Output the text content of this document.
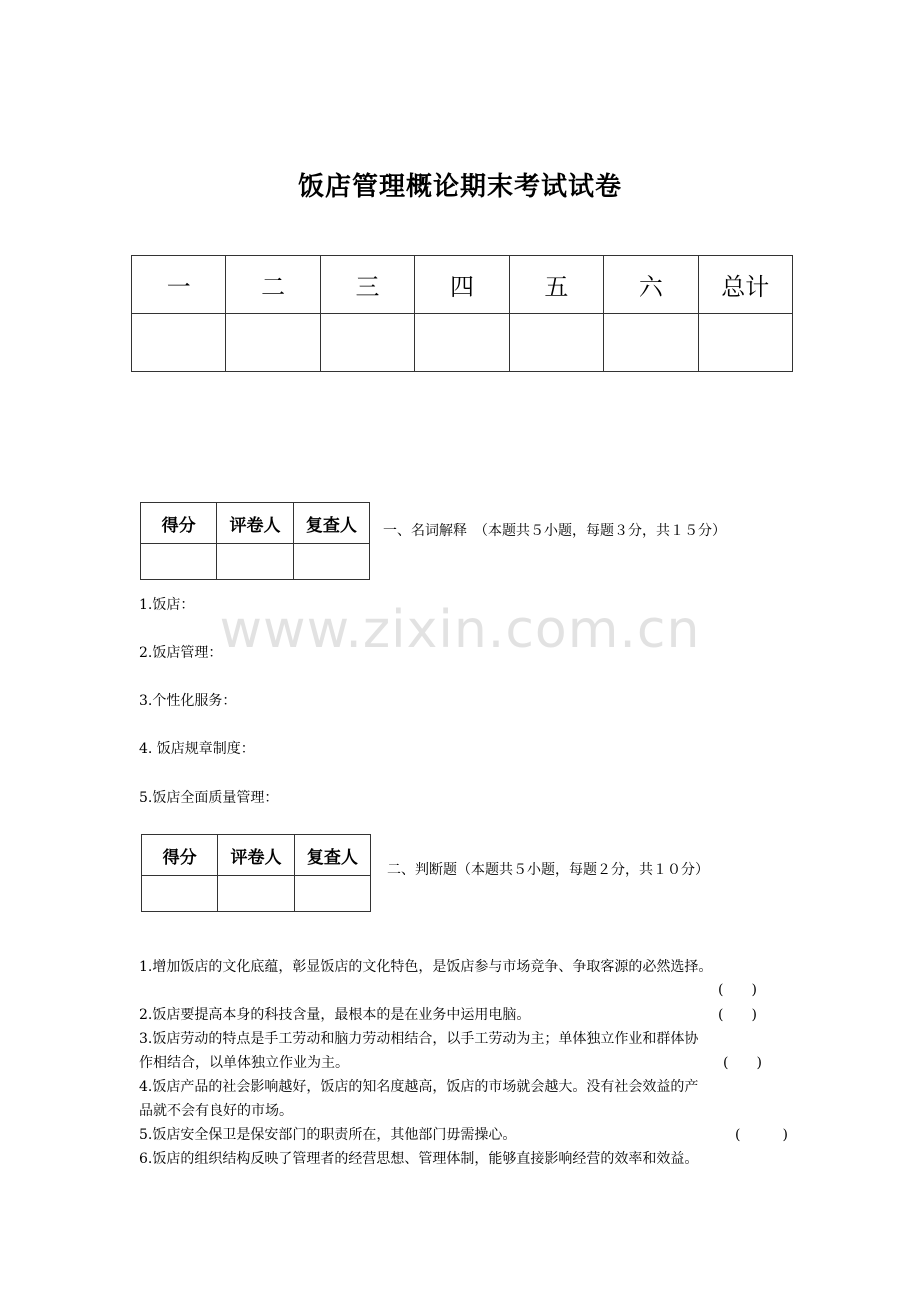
饭店管理概论期末考试试卷
一	二	三	四	五	六	总计

得分	评卷人	复查人
		一、名词解释　（本题共５小题，每题３分，共１５分）
1.饭店：
2.饭店管理：
3.个性化服务：
4. 饭店规章制度：
5.饭店全面质量管理：
得分	评卷人	复查人

二、判断题（本题共５小题，每题２分，共１０分）
1.增加饭店的文化底蕴，彰显饭店的文化特色，是饭店参与市场竞争、争取客源的必然选择。
(　　)
2.饭店要提高本身的科技含量，最根本的是在业务中运用电脑。	(　　)
3.饭店劳动的特点是手工劳动和脑力劳动相结合，以手工劳动为主；单体独立作业和群体协
作相结合，以单体独立作业为主。	(　　)
4.饭店产品的社会影响越好，饭店的知名度越高，饭店的市场就会越大。没有社会效益的产
品就不会有良好的市场。
5.饭店安全保卫是保安部门的职责所在，其他部门毋需操心。	(　　　)
6.饭店的组织结构反映了管理者的经营思想、管理体制，能够直接影响经营的效率和效益。
www.zixin.com.cn
